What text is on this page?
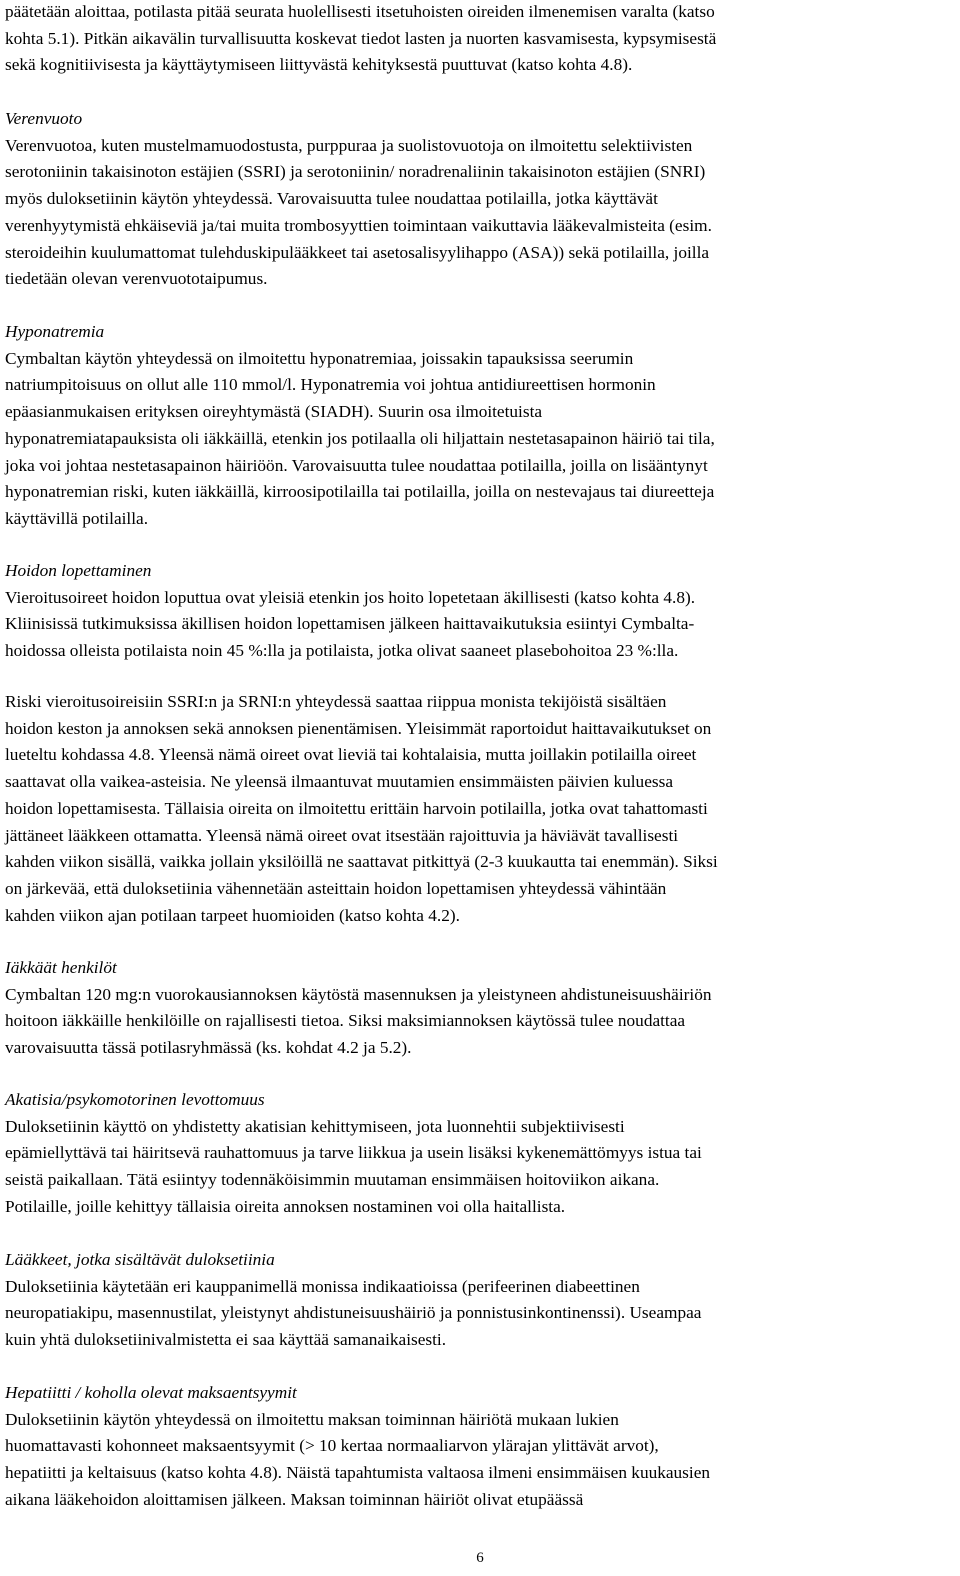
päätetään aloittaa, potilasta pitää seurata huolellisesti itsetuhoisten oireiden ilmenemisen varalta (katso
kohta 5.1). Pitkän aikavälin turvallisuutta koskevat tiedot lasten ja nuorten kasvamisesta, kypsymisestä
sekä kognitiivisesta ja käyttäytymiseen liittyvästä kehityksestä puuttuvat (katso kohta 4.8).
Verenvuoto
Verenvuotoa, kuten mustelmamuodostusta, purppuraa ja suolistovuotoja on ilmoitettu selektiivisten
serotoniinin takaisinoton estäjien (SSRI) ja serotoniinin/ noradrenaliinin takaisinoton estäjien (SNRI)
myös duloksetiinin käytön yhteydessä. Varovaisuutta tulee noudattaa potilailla, jotka käyttävät
verenhyytymistä ehkäiseviä ja/tai muita trombosyyttien toimintaan vaikuttavia lääkevalmisteita (esim.
steroideihin kuulumattomat tulehduskipulääkkeet tai asetosalisyylihappo (ASA)) sekä potilailla, joilla
tiedetään olevan verenvuototaipumus.
Hyponatremia
Cymbaltan käytön yhteydessä on ilmoitettu hyponatremiaa, joissakin tapauksissa seerumin
natriumpitoisuus on ollut alle 110 mmol/l. Hyponatremia voi johtua antidiureettisen hormonin
epäasianmukaisen erityksen oireyhtymästä (SIADH). Suurin osa ilmoitetuista
hyponatremiatapauksista oli iäkkäillä, etenkin jos potilaalla oli hiljattain nestetasapainon häiriö tai tila,
joka voi johtaa nestetasapainon häiriöön. Varovaisuutta tulee noudattaa potilailla, joilla on lisääntynyt
hyponatremian riski, kuten iäkkäillä, kirroosipotilailla tai potilailla, joilla on nestevajaus tai diureetteja
käyttävillä potilailla.
Hoidon lopettaminen
Vieroitusoireet hoidon loputtua ovat yleisiä etenkin jos hoito lopetetaan äkillisesti (katso kohta 4.8).
Kliinisissä tutkimuksissa äkillisen hoidon lopettamisen jälkeen haittavaikutuksia esiintyi Cymbalta-
hoidossa olleista potilaista noin 45 %:lla ja potilaista, jotka olivat saaneet plasebohoitoa 23 %:lla.
Riski vieroitusoireisiin SSRI:n ja SRNI:n yhteydessä saattaa riippua monista tekijöistä sisältäen
hoidon keston ja annoksen sekä annoksen pienentämisen. Yleisimmät raportoidut haittavaikutukset on
lueteltu kohdassa 4.8. Yleensä nämä oireet ovat lieviä tai kohtalaisia, mutta joillakin potilailla oireet
saattavat olla vaikea-asteisia. Ne yleensä ilmaantuvat muutamien ensimmäisten päivien kuluessa
hoidon lopettamisesta. Tällaisia oireita on ilmoitettu erittäin harvoin potilailla, jotka ovat tahattomasti
jättäneet lääkkeen ottamatta. Yleensä nämä oireet ovat itsestään rajoittuvia ja häviävät tavallisesti
kahden viikon sisällä, vaikka jollain yksilöillä ne saattavat pitkittyä (2-3 kuukautta tai enemmän). Siksi
on järkevää, että duloksetiinia vähennetään asteittain hoidon lopettamisen yhteydessä vähintään
kahden viikon ajan potilaan tarpeet huomioiden (katso kohta 4.2).
Iäkkäät henkilöt
Cymbaltan 120 mg:n vuorokausiannoksen käytöstä masennuksen ja yleistyneen ahdistuneisuushäiriön
hoitoon iäkkäille henkilöille on rajallisesti tietoa. Siksi maksimiannoksen käytössä tulee noudattaa
varovaisuutta tässä potilasryhmässä (ks. kohdat 4.2 ja 5.2).
Akatisia/psykomotorinen levottomuus
Duloksetiinin käyttö on yhdistetty akatisian kehittymiseen, jota luonnehtii subjektiivisesti
epämiellyttävä tai häiritsevä rauhattomuus ja tarve liikkua ja usein lisäksi kykenemättömyys istua tai
seistä paikallaan. Tätä esiintyy todennäköisimmin muutaman ensimmäisen hoitoviikon aikana.
Potilaille, joille kehittyy tällaisia oireita annoksen nostaminen voi olla haitallista.
Lääkkeet, jotka sisältävät duloksetiinia
Duloksetiinia käytetään eri kauppanimellä monissa indikaatioissa (perifeerinen diabeettinen
neuropatiakipu, masennustilat, yleistynyt ahdistuneisuushäiriö ja ponnistusinkontinenssi). Useampaa
kuin yhtä duloksetiinivalmistetta ei saa käyttää samanaikaisesti.
Hepatiitti / koholla olevat maksaentsyymit
Duloksetiinin käytön yhteydessä on ilmoitettu maksan toiminnan häiriötä mukaan lukien
huomattavasti kohonneet maksaentsyymit (> 10 kertaa normaaliarvon ylärajan ylittävät arvot),
hepatiitti ja keltaisuus (katso kohta 4.8). Näistä tapahtumista valtaosa ilmeni ensimmäisen kuukausien
aikana lääkehoidon aloittamisen jälkeen. Maksan toiminnan häiriöt olivat etupäässä
6
